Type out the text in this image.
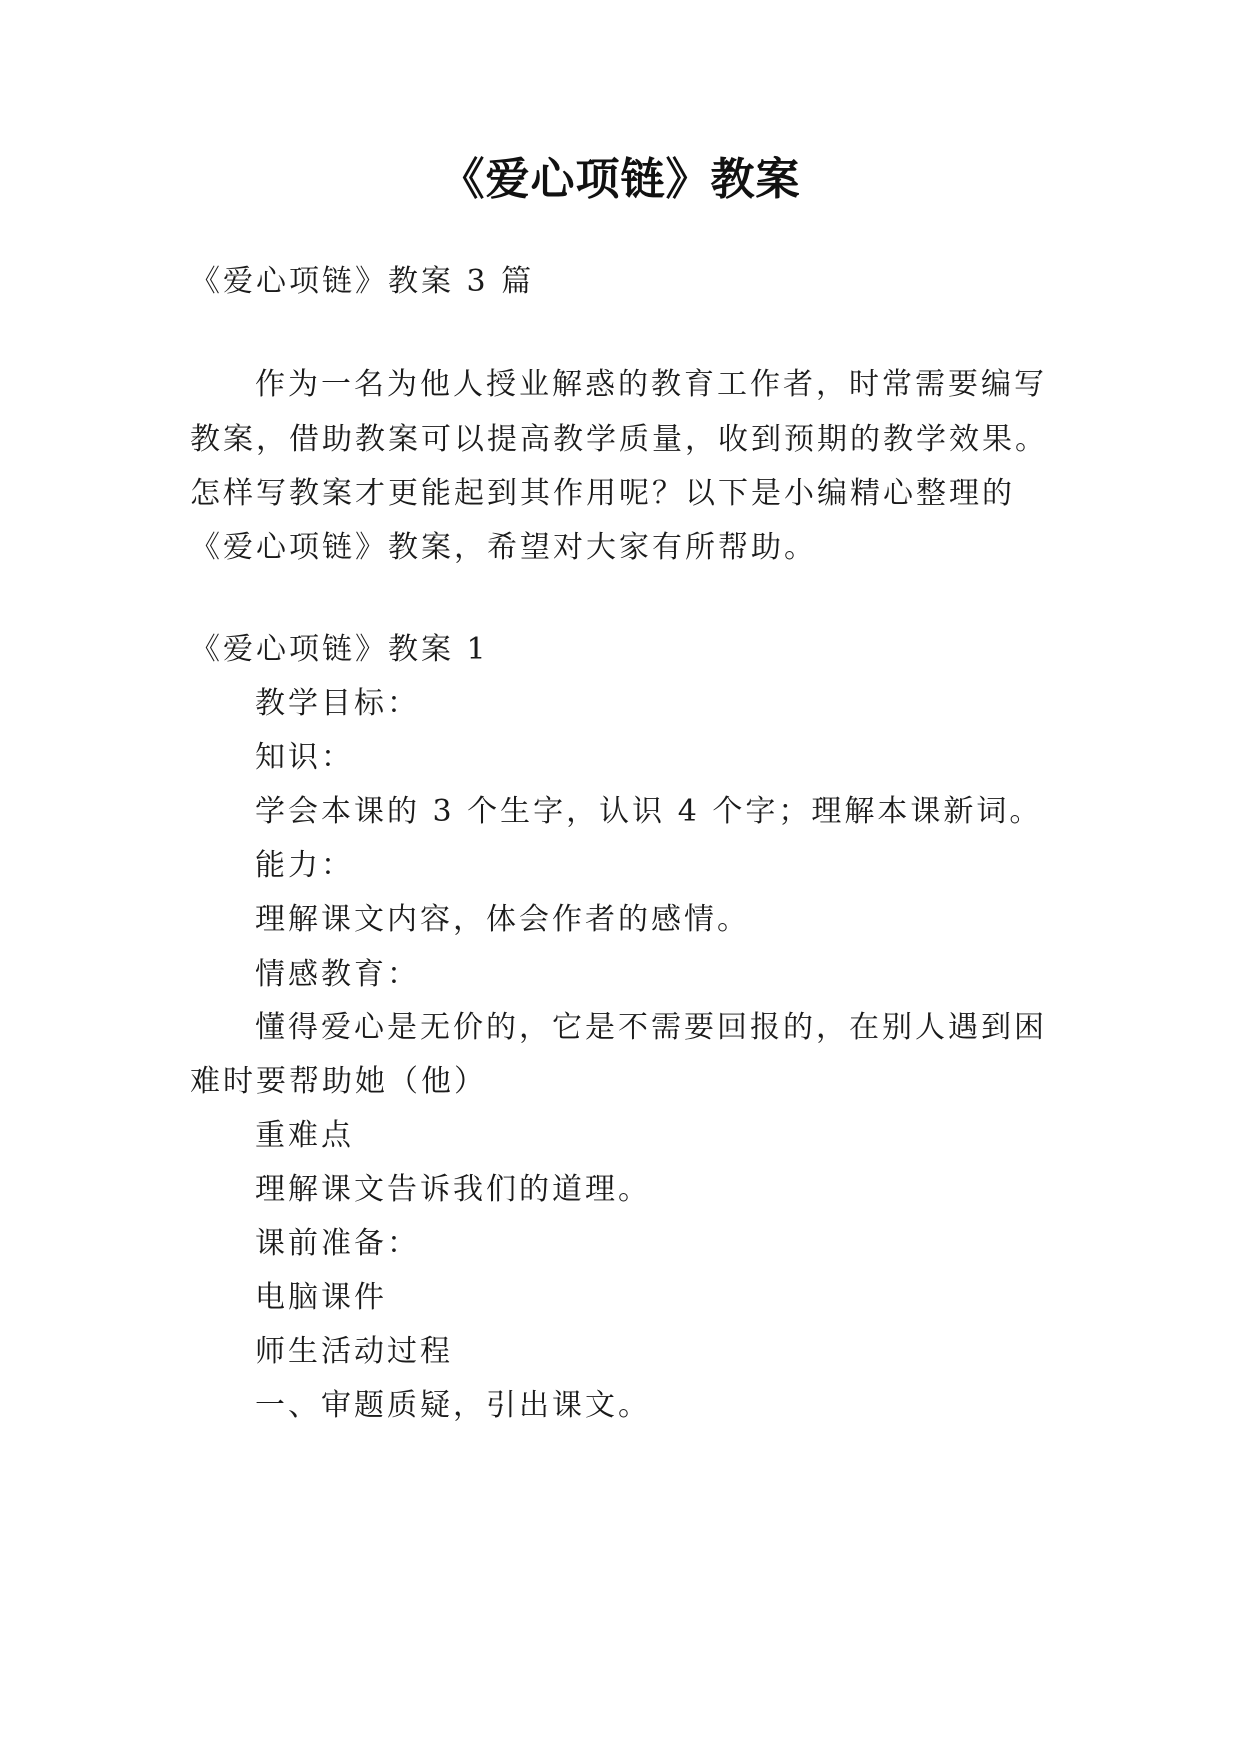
《爱心项链》教案
《爱心项链》教案 3 篇
作为一名为他人授业解惑的教育工作者，时常需要编写
教案，借助教案可以提高教学质量，收到预期的教学效果。
怎样写教案才更能起到其作用呢？以下是小编精心整理的
《爱心项链》教案，希望对大家有所帮助。
《爱心项链》教案 1
教学目标：
知识：
学会本课的 3 个生字，认识 4 个字；理解本课新词。
能力：
理解课文内容，体会作者的感情。
情感教育：
懂得爱心是无价的，它是不需要回报的，在别人遇到困
难时要帮助她（他）
重难点
理解课文告诉我们的道理。
课前准备：
电脑课件
师生活动过程
一、审题质疑，引出课文。
